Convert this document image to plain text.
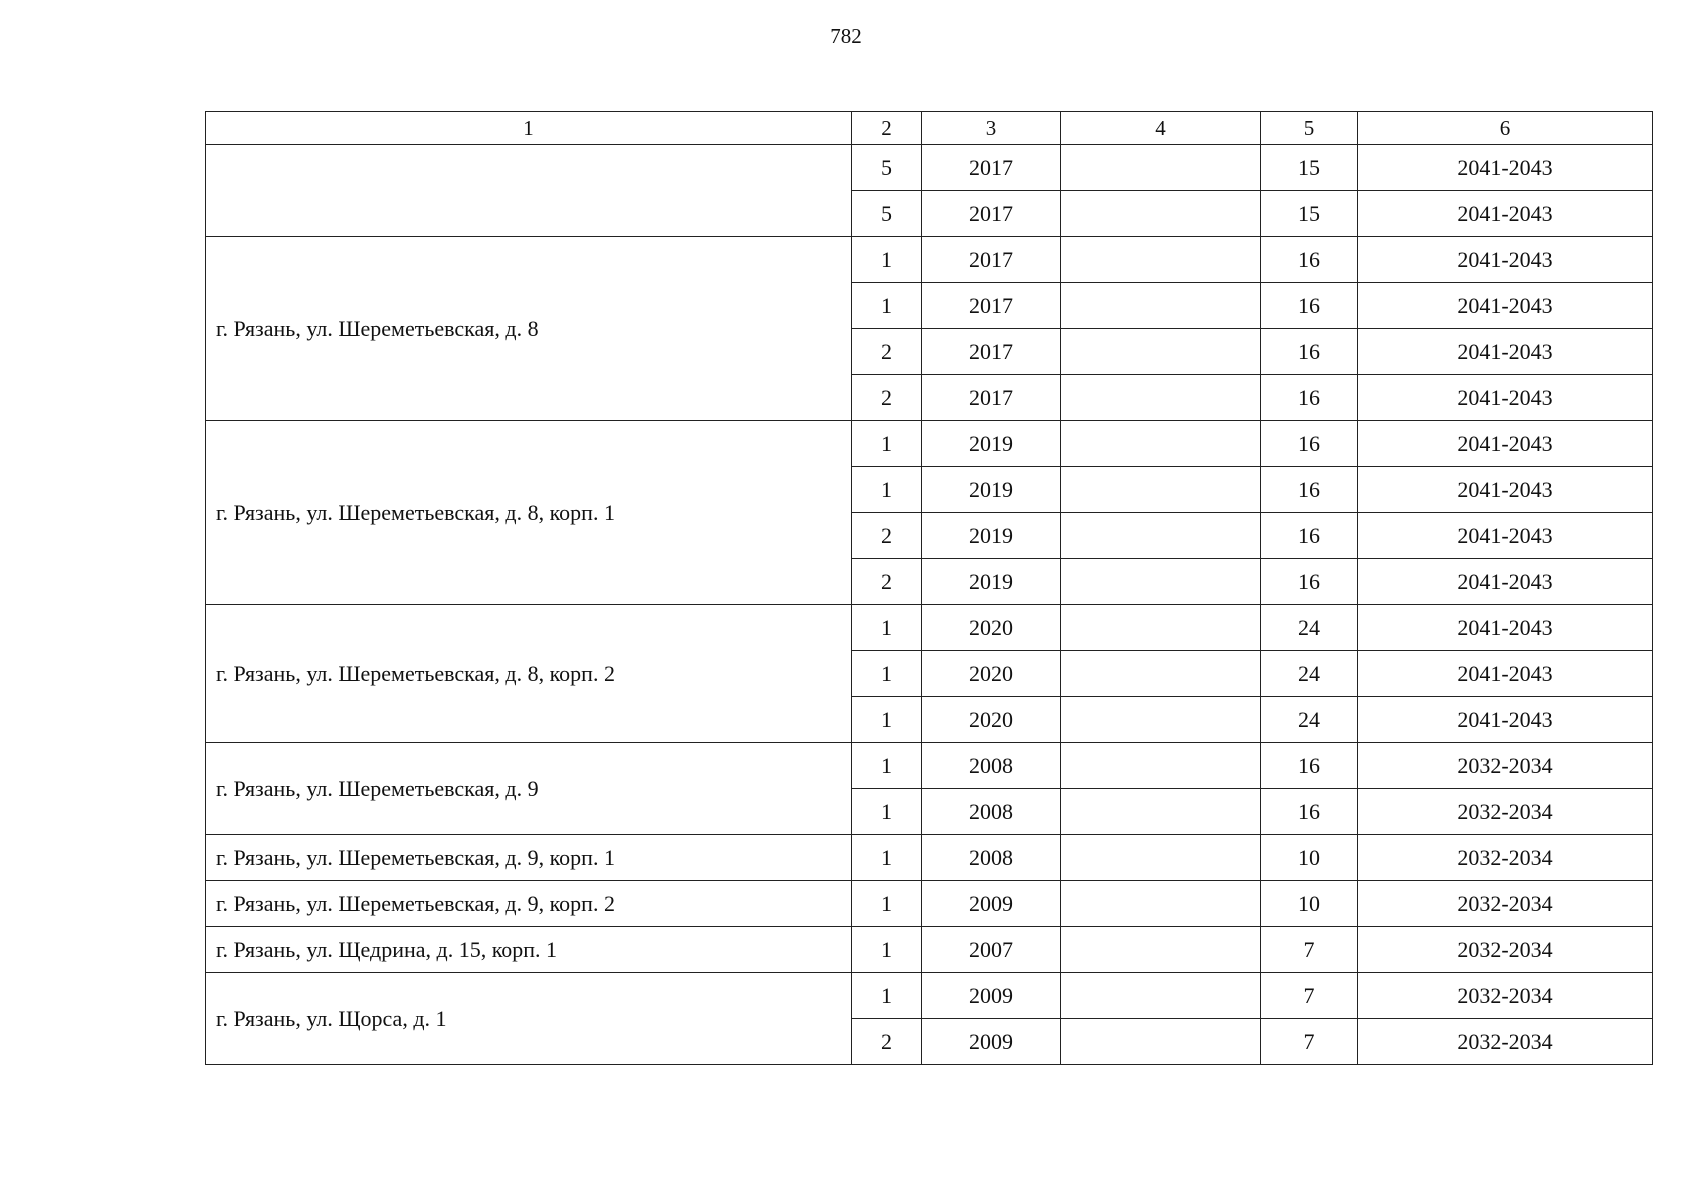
782
1	2	3	4	5	6
	5	2017		15	2041-2043
	5	2017		15	2041-2043
г. Рязань, ул. Шереметьевская, д. 8	1	2017		16	2041-2043
	1	2017		16	2041-2043
	2	2017		16	2041-2043
	2	2017		16	2041-2043
г. Рязань, ул. Шереметьевская, д. 8, корп. 1	1	2019		16	2041-2043
	1	2019		16	2041-2043
	2	2019		16	2041-2043
	2	2019		16	2041-2043
г. Рязань, ул. Шереметьевская, д. 8, корп. 2	1	2020		24	2041-2043
	1	2020		24	2041-2043
	1	2020		24	2041-2043
г. Рязань, ул. Шереметьевская, д. 9	1	2008		16	2032-2034
	1	2008		16	2032-2034
г. Рязань, ул. Шереметьевская, д. 9, корп. 1	1	2008		10	2032-2034
г. Рязань, ул. Шереметьевская, д. 9, корп. 2	1	2009		10	2032-2034
г. Рязань, ул. Щедрина, д. 15, корп. 1	1	2007		7	2032-2034
г. Рязань, ул. Щорса, д. 1	1	2009		7	2032-2034
	2	2009		7	2032-2034
